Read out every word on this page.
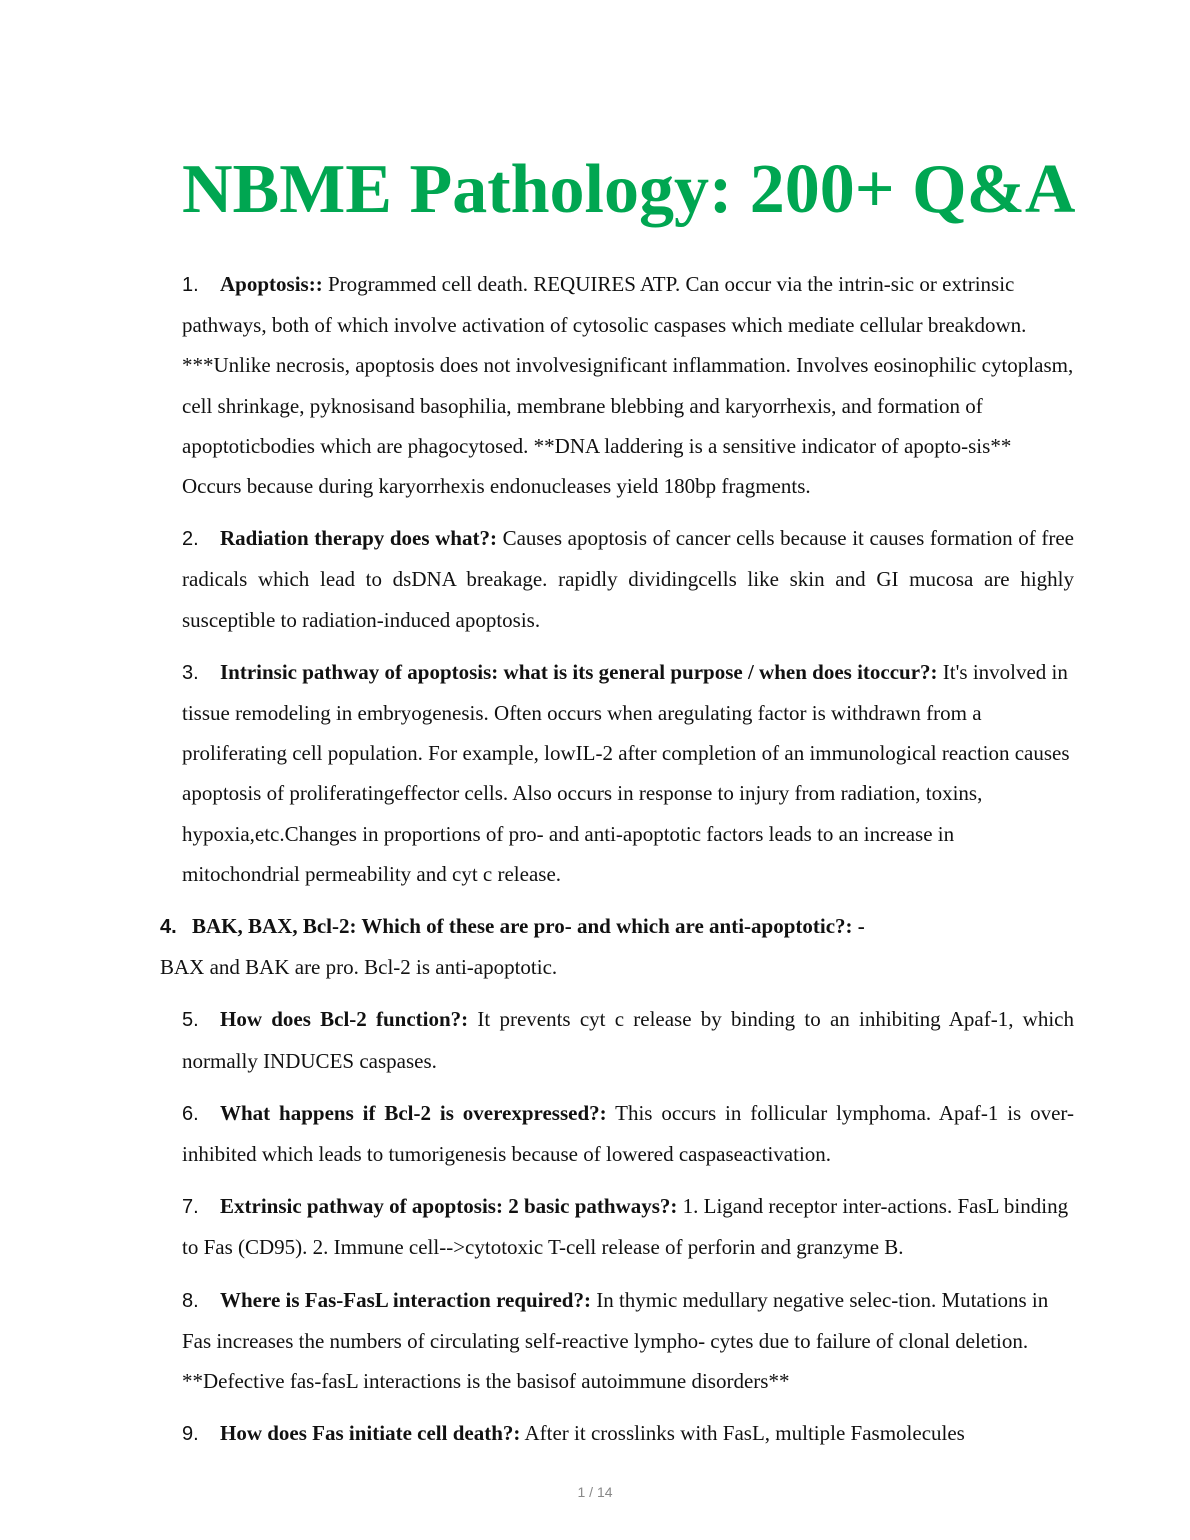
NBME Pathology: 200+ Q&A

1. Apoptosis:: Programmed cell death. REQUIRES ATP. Can occur via the intrin-sic or extrinsic pathways, both of which involve activation of cytosolic caspases which mediate cellular breakdown. ***Unlike necrosis, apoptosis does not involvesignificant inflammation. Involves eosinophilic cytoplasm, cell shrinkage, pyknosisand basophilia, membrane blebbing and karyorrhexis, and formation of apoptoticbodies which are phagocytosed. **DNA laddering is a sensitive indicator of apopto-sis** Occurs because during karyorrhexis endonucleases yield 180bp fragments.

2. Radiation therapy does what?: Causes apoptosis of cancer cells because it causes formation of free radicals which lead to dsDNA breakage. rapidly dividingcells like skin and GI mucosa are highly susceptible to radiation-induced apoptosis.

3. Intrinsic pathway of apoptosis: what is its general purpose / when does itoccur?: It's involved in tissue remodeling in embryogenesis. Often occurs when aregulating factor is withdrawn from a proliferating cell population. For example, lowIL-2 after completion of an immunological reaction causes apoptosis of proliferatingeffector cells. Also occurs in response to injury from radiation, toxins, hypoxia,etc.Changes in proportions of pro- and anti-apoptotic factors leads to an increase in mitochondrial permeability and cyt c release.

4. BAK, BAX, Bcl-2: Which of these are pro- and which are anti-apoptotic?: -
BAX and BAK are pro. Bcl-2 is anti-apoptotic.

5. How does Bcl-2 function?: It prevents cyt c release by binding to an inhibiting Apaf-1, which normally INDUCES caspases.

6. What happens if Bcl-2 is overexpressed?: This occurs in follicular lymphoma. Apaf-1 is over-inhibited which leads to tumorigenesis because of lowered caspaseactivation.

7. Extrinsic pathway of apoptosis: 2 basic pathways?: 1. Ligand receptor inter-actions. FasL binding to Fas (CD95). 2. Immune cell-->cytotoxic T-cell release of perforin and granzyme B.

8. Where is Fas-FasL interaction required?: In thymic medullary negative selec-tion. Mutations in Fas increases the numbers of circulating self-reactive lympho- cytes due to failure of clonal deletion. **Defective fas-fasL interactions is the basisof autoimmune disorders**

9. How does Fas initiate cell death?: After it crosslinks with FasL, multiple Fasmolecules

1 / 14
